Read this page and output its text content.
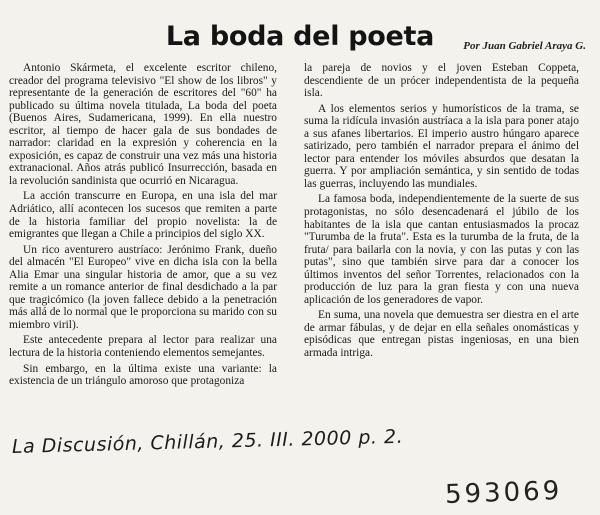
La boda del poeta	Por Juan Gabriel Araya G.

Antonio Skármeta, el excelente escritor chileno, creador del programa televisivo "El show de los libros" y representante de la generación de escritores del "60" ha publicado su última novela titulada, La boda del poeta (Buenos Aires, Sudamericana, 1999). En ella nuestro escritor, al tiempo de hacer gala de sus bondades de narrador: claridad en la expresión y coherencia en la exposición, es capaz de construir una vez más una historia extranacional. Años atrás publicó Insurrección, basada en la revolución sandinista que ocurrió en Nicaragua.

La acción transcurre en Europa, en una isla del mar Adriático, allí acontecen los sucesos que remiten a parte de la historia familiar del propio novelista: la de emigrantes que llegan a Chile a principios del siglo XX.

Un rico aventurero austríaco: Jerónimo Frank, dueño del almacén "El Europeo" vive en dicha isla con la bella Alia Emar una singular historia de amor, que a su vez remite a un romance anterior de final desdichado a la par que tragicómico (la joven fallece debido a la penetración más allá de lo normal que le proporciona su marido con su miembro viril).

Este antecedente prepara al lector para realizar una lectura de la historia conteniendo elementos semejantes.

Sin embargo, en la última existe una variante: la existencia de un triángulo amoroso que protagoniza

la pareja de novios y el joven Esteban Coppeta, descendiente de un prócer independentista de la pequeña isla.

A los elementos serios y humorísticos de la trama, se suma la ridícula invasión austríaca a la isla para poner atajo a sus afanes libertarios. El imperio austro húngaro aparece satirizado, pero también el narrador prepara el ánimo del lector para entender los móviles absurdos que desatan la guerra. Y por ampliación semántica, y sin sentido de todas las guerras, incluyendo las mundiales.

La famosa boda, independientemente de la suerte de sus protagonistas, no sólo desencadenará el júbilo de los habitantes de la isla que cantan entusiasmados la procaz "Turumba de la fruta". Esta es la turumba de la fruta, de la fruta/ para bailarla con la novia, y con las putas y con las putas", sino que también sirve para dar a conocer los últimos inventos del señor Torrentes, relacionados con la producción de luz para la gran fiesta y con una nueva aplicación de los generadores de vapor.

En suma, una novela que demuestra ser diestra en el arte de armar fábulas, y de dejar en ella señales onomásticas y episódicas que entregan pistas ingeniosas, en una bien armada intriga.

La Discusión, Chillán, 25. III. 2000 p. 2.
593069
